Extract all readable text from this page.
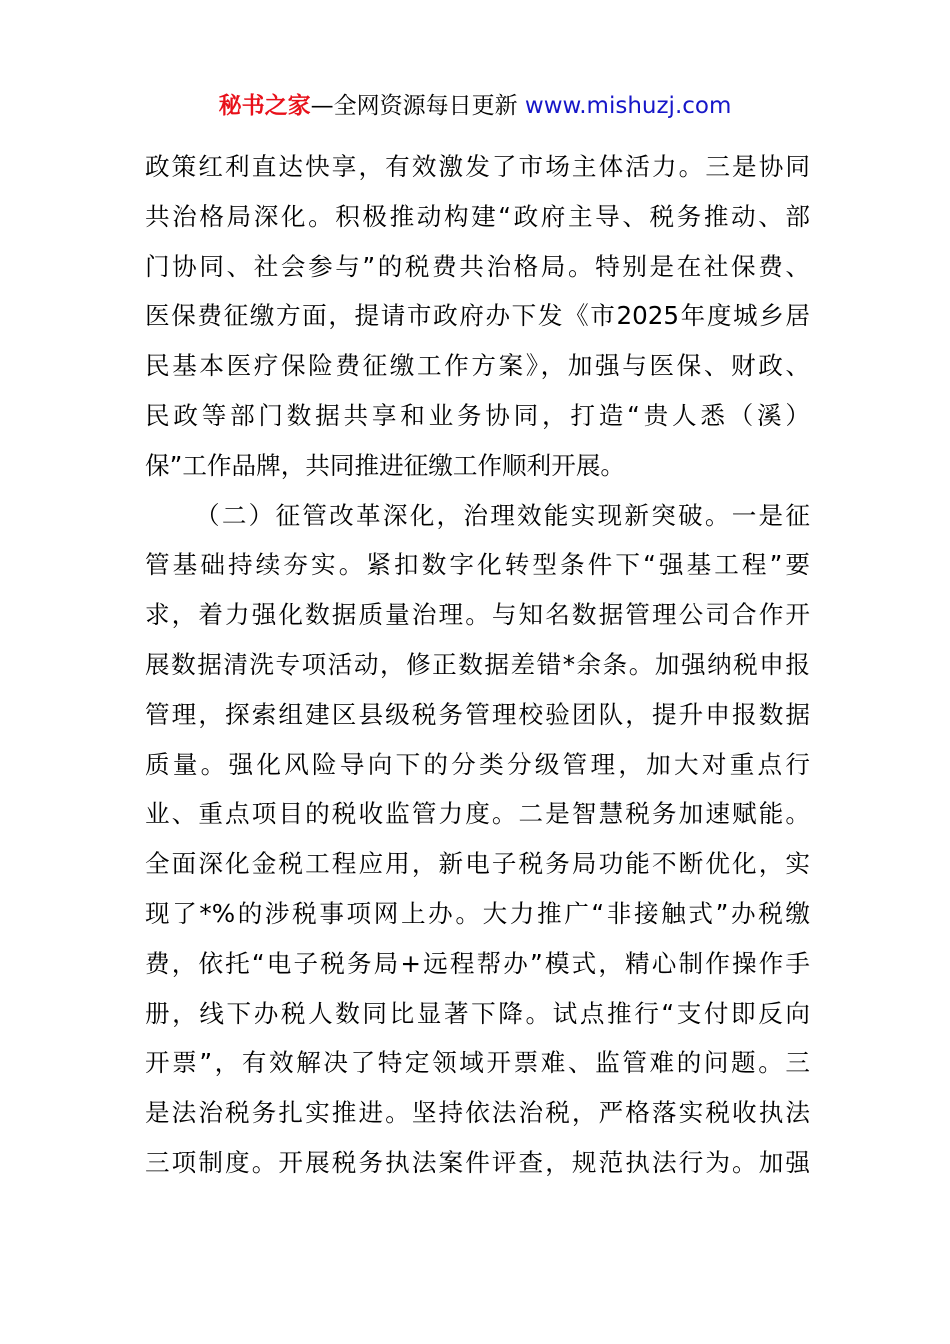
秘书之家—全网资源每日更新 www.mishuzj.com
政策红利直达快享，有效激发了市场主体活力。三是协同
共治格局深化。积极推动构建“政府主导、税务推动、部
门协同、社会参与”的税费共治格局。特别是在社保费、
医保费征缴方面，提请市政府办下发《市2025年度城乡居
民基本医疗保险费征缴工作方案》，加强与医保、财政、
民政等部门数据共享和业务协同，打造“贵人悉（溪）
保”工作品牌，共同推进征缴工作顺利开展。
（二）征管改革深化，治理效能实现新突破。一是征
管基础持续夯实。紧扣数字化转型条件下“强基工程”要
求，着力强化数据质量治理。与知名数据管理公司合作开
展数据清洗专项活动，修正数据差错*余条。加强纳税申报
管理，探索组建区县级税务管理校验团队，提升申报数据
质量。强化风险导向下的分类分级管理，加大对重点行
业、重点项目的税收监管力度。二是智慧税务加速赋能。
全面深化金税工程应用，新电子税务局功能不断优化，实
现了*%的涉税事项网上办。大力推广“非接触式”办税缴
费，依托“电子税务局+远程帮办”模式，精心制作操作手
册，线下办税人数同比显著下降。试点推行“支付即反向
开票”，有效解决了特定领域开票难、监管难的问题。三
是法治税务扎实推进。坚持依法治税，严格落实税收执法
三项制度。开展税务执法案件评查，规范执法行为。加强
